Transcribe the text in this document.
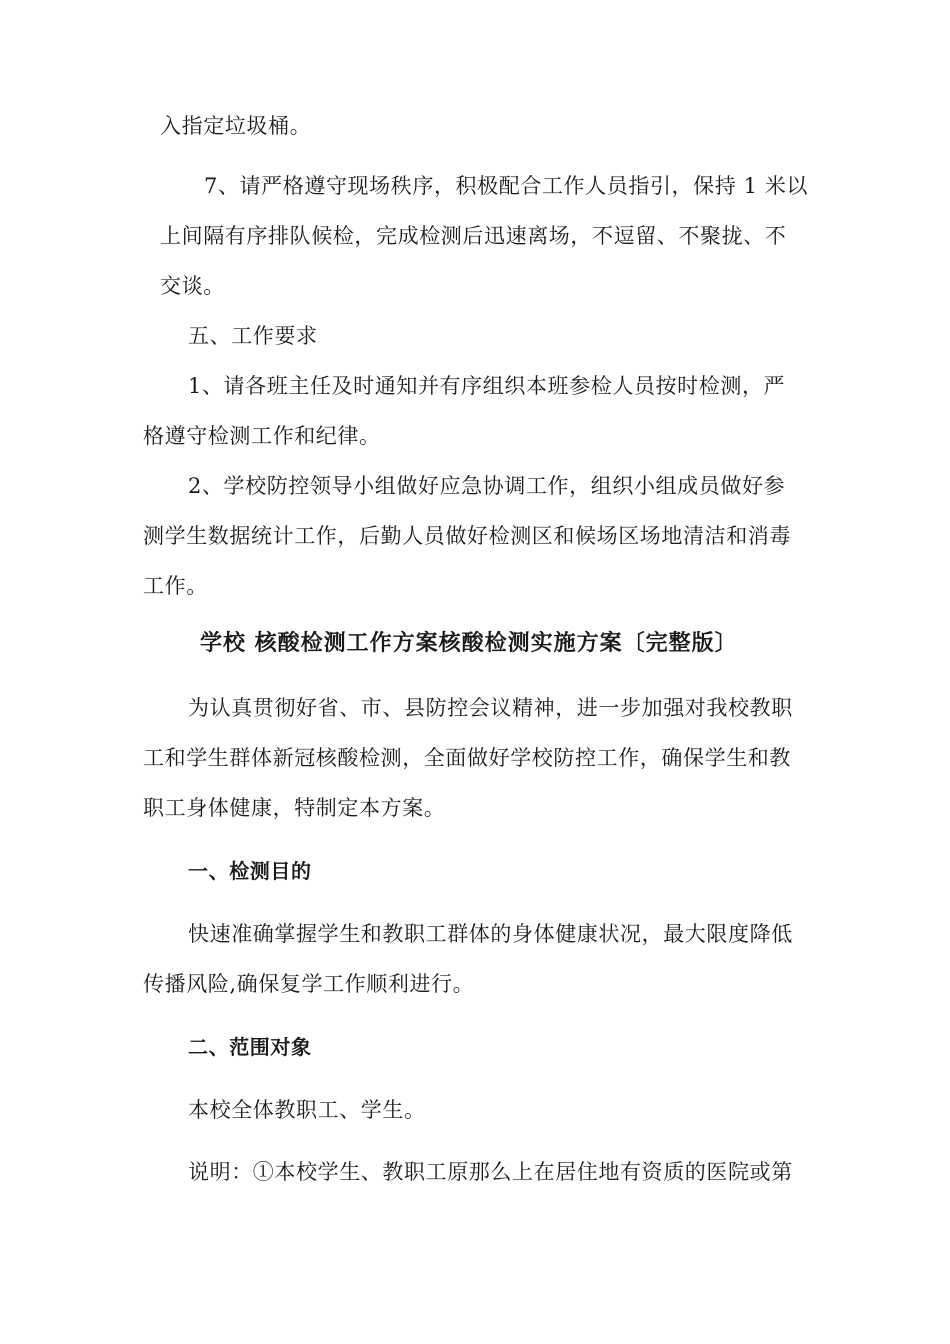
入指定垃圾桶。
7、请严格遵守现场秩序，积极配合工作人员指引，保持 1 米以
上间隔有序排队候检，完成检测后迅速离场，不逗留、不聚拢、不
交谈。
五、工作要求
1、请各班主任及时通知并有序组织本班参检人员按时检测，严
格遵守检测工作和纪律。
2、学校防控领导小组做好应急协调工作，组织小组成员做好参
测学生数据统计工作，后勤人员做好检测区和候场区场地清洁和消毒
工作。
学校 核酸检测工作方案核酸检测实施方案〔完整版〕
为认真贯彻好省、市、县防控会议精神，进一步加强对我校教职
工和学生群体新冠核酸检测，全面做好学校防控工作，确保学生和教
职工身体健康，特制定本方案。
一、检测目的
快速准确掌握学生和教职工群体的身体健康状况，最大限度降低
传播风险,确保复学工作顺利进行。
二、范围对象
本校全体教职工、学生。
说明：①本校学生、教职工原那么上在居住地有资质的医院或第
